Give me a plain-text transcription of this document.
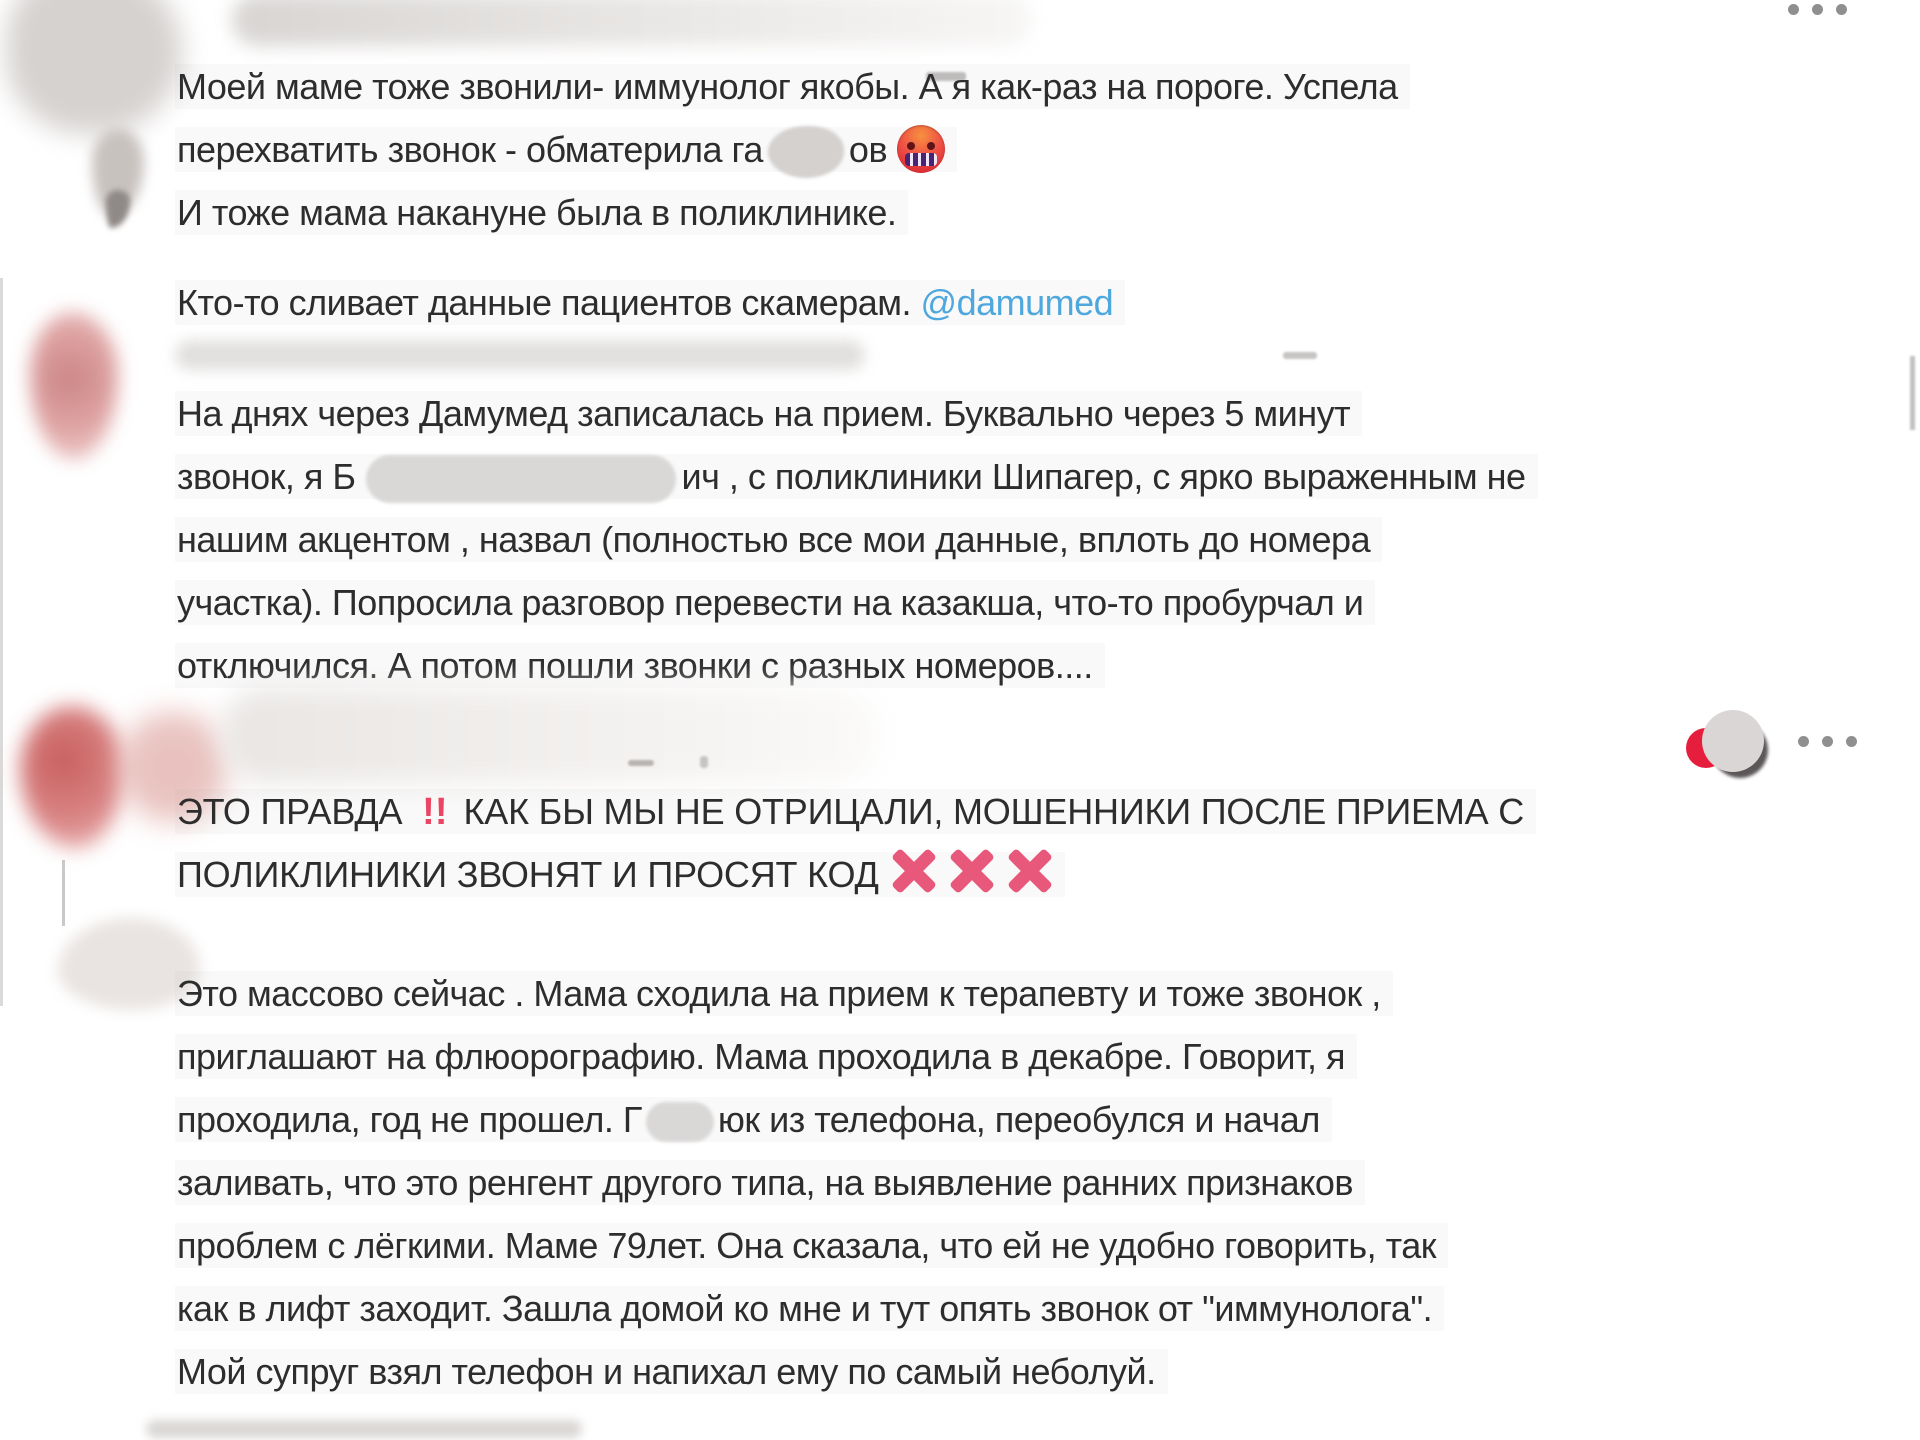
Моей маме тоже звонили- иммунолог якобы. А я как-раз на пороге. Успела
перехватить звонок - обматерила га ов
И тоже мама накануне была в поликлинике.
Кто-то сливает данные пациентов скамерам. @damumed
На днях через Дамумед записалась на прием. Буквально через 5 минут
звонок, я Б	ич , с поликлиники Шипагер, с ярко выраженным не
нашим акцентом , назвал (полностью все мои данные, вплоть до номера
участка). Попросила разговор перевести на казакша, что-то пробурчал и
отключился. А потом пошли звонки с разных номеров....
ЭТО ПРАВДА !! КАК БЫ МЫ НЕ ОТРИЦАЛИ, МОШЕННИКИ ПОСЛЕ ПРИЕМА С
ПОЛИКЛИНИКИ ЗВОНЯТ И ПРОСЯТ КОД
Это массово сейчас . Мама сходила на прием к терапевту и тоже звонок ,
приглашают на флюорографию. Мама проходила в декабре. Говорит, я
проходила, год не прошел. Г юк из телефона, переобулся и начал
заливать, что это ренгент другого типа, на выявление ранних признаков
проблем с лёгкими. Маме 79лет. Она сказала, что ей не удобно говорить, так
как в лифт заходит. Зашла домой ко мне и тут опять звонок от "иммунолога".
Мой супруг взял телефон и напихал ему по самый неболуй.
